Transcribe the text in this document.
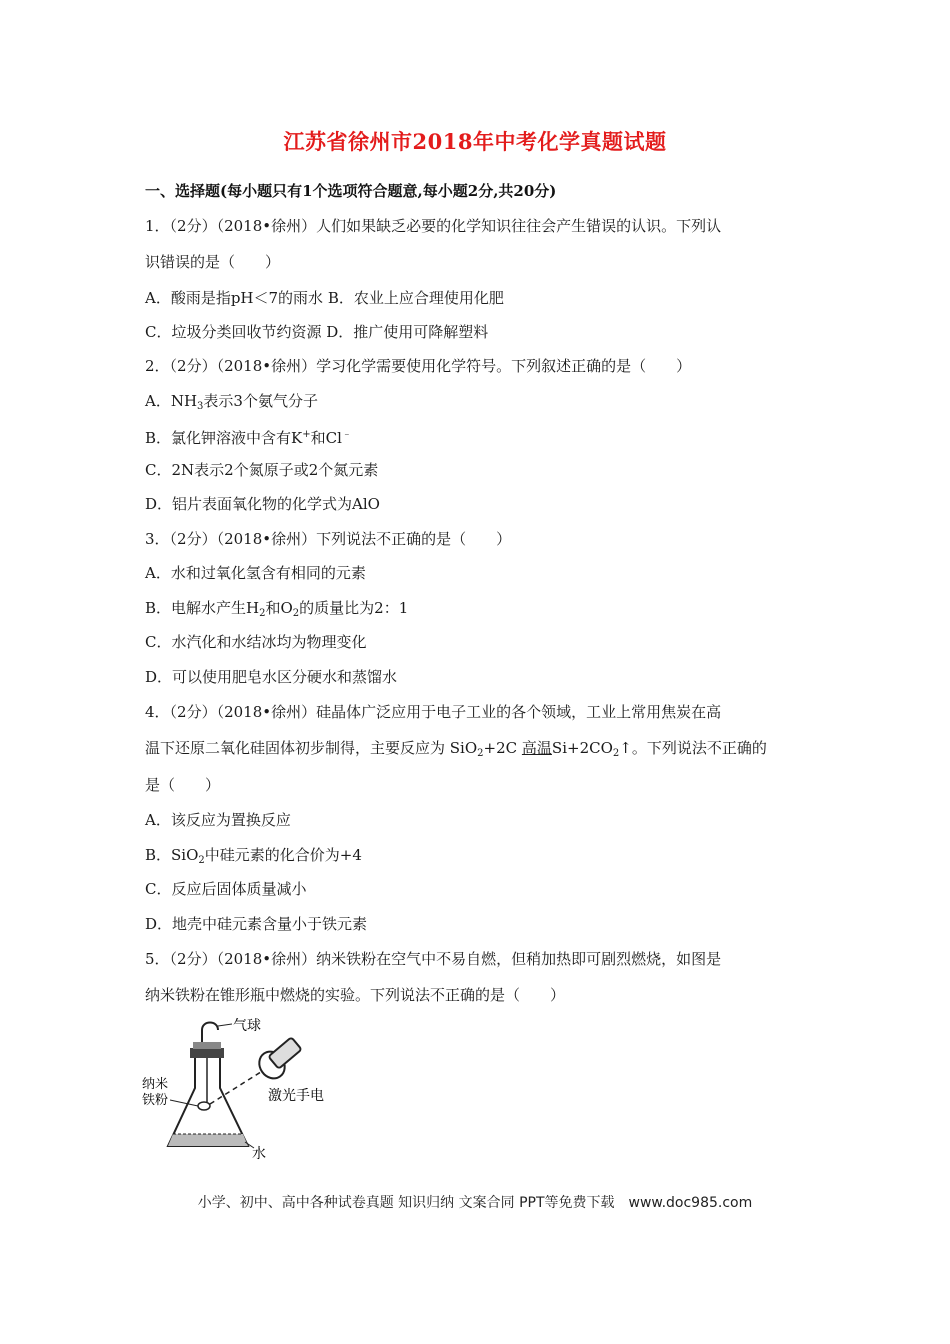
江苏省徐州市2018年中考化学真题试题
一、选择题(每小题只有1个选项符合题意,每小题2分,共20分)
1．（2分）（2018•徐州）人们如果缺乏必要的化学知识往往会产生错误的认识。下列认
识错误的是（　　）
A．酸雨是指pH＜7的雨水 B．农业上应合理使用化肥
C．垃圾分类回收节约资源 D．推广使用可降解塑料
2．（2分）（2018•徐州）学习化学需要使用化学符号。下列叙述正确的是（　　）
A．$NH_3$表示3个氨气分子
B．氯化钾溶液中含有K+和Cl﹣
C．2N表示2个氮原子或2个氮元素
D．铝片表面氧化物的化学式为AlO
3．（2分）（2018•徐州）下列说法不正确的是（　　）
A．水和过氧化氢含有相同的元素
B．电解水产生$H_2$和$O_2$的质量比为2：1
C．水汽化和水结冰均为物理变化
D．可以使用肥皂水区分硬水和蒸馏水
4．（2分）（2018•徐州）硅晶体广泛应用于电子工业的各个领域，工业上常用焦炭在高
温下还原二氧化硅固体初步制得，主要反应为 SiO$_2$+2C 高温$Si+2CO_2↑$。下列说法不正确的
是（　　）
A．该反应为置换反应
B．SiO$_2$中硅元素的化合价为+4
C．反应后固体质量减小
D．地壳中硅元素含量小于铁元素
5．（2分）（2018•徐州）纳米铁粉在空气中不易自燃，但稍加热即可剧烈燃烧，如图是
纳米铁粉在锥形瓶中燃烧的实验。下列说法不正确的是（　　）
气球
水
纳米
铁粉	激光手电
小学、初中、高中各种试卷真题 知识归纳 文案合同 PPT等免费下载　www.doc985.com
